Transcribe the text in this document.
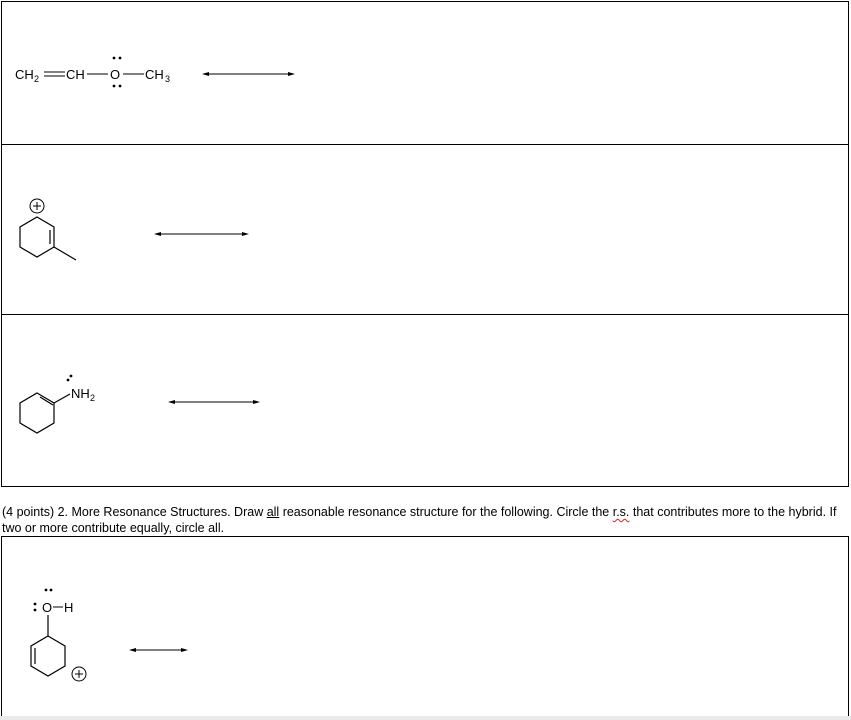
CH 2 CH O CH 3
NH 2
(4 points) 2. More Resonance Structures. Draw all reasonable resonance structure for the following. Circle the r.s. that contributes more to the hybrid. If two or more contribute equally, circle all.
O H
